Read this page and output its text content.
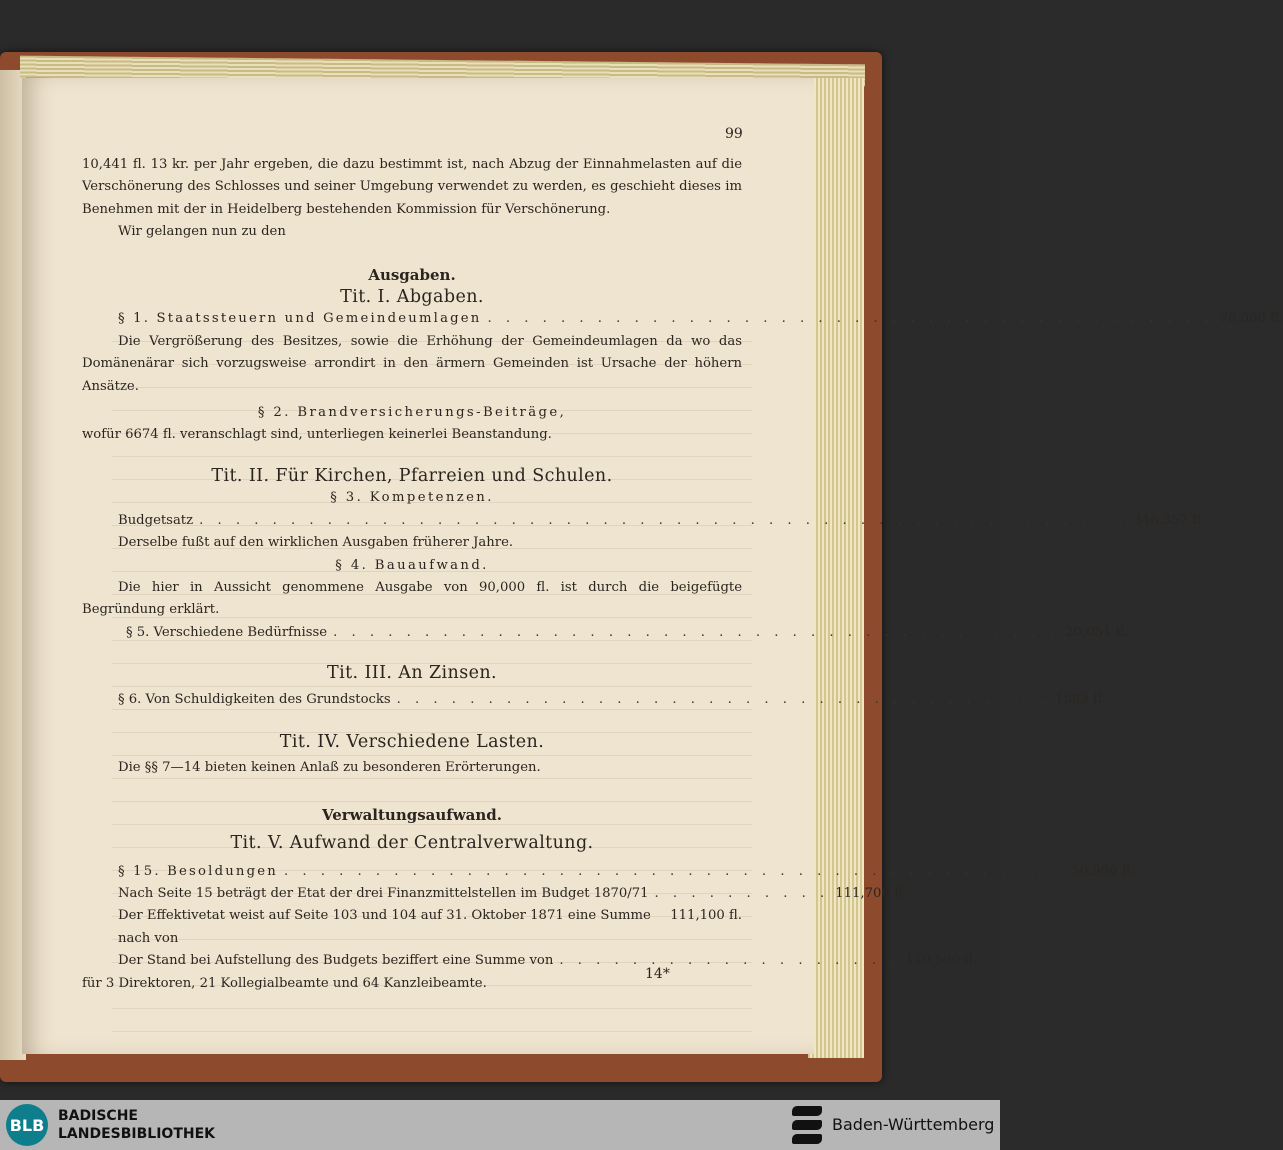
99

10,441 fl. 13 kr. per Jahr ergeben, die dazu bestimmt ist, nach Abzug der Einnahmelasten auf die Verschönerung des Schlosses und seiner Umgebung verwendet zu werden, es geschieht dieses im Benehmen mit der in Heidelberg bestehenden Kommission für Verschönerung.

Wir gelangen nun zu den

Ausgaben.

Tit. I. Abgaben.

§ 1. Staatssteuern und Gemeindeumlagen . . . . . . . . . . . . . . . . . . . . . . . . . . . . . . . . . . . . . . . . 78,000 fl.

Die Vergrößerung des Besitzes, sowie die Erhöhung der Gemeindeumlagen da wo das Domänenärar sich vorzugsweise arrondirt in den ärmern Gemeinden ist Ursache der höhern Ansätze.

§ 2. Brandversicherungs-Beiträge,

wofür 6674 fl. veranschlagt sind, unterliegen keinerlei Beanstandung.

Tit. II. Für Kirchen, Pfarreien und Schulen.

§ 3. Kompetenzen.

Budgetsatz . . . . . . . . . . . . . . . . . . . . . . . . . . . . . . . . . . . . . . . . . . . . . . . . . . . 346,357 fl.

Derselbe fußt auf den wirklichen Ausgaben früherer Jahre.

§ 4. Bauaufwand.

Die hier in Aussicht genommene Ausgabe von 90,000 fl. ist durch die beigefügte Begründung erklärt.

§ 5. Verschiedene Bedürfnisse . . . . . . . . . . . . . . . . . . . . . . . . . . . . . . . . . . . . . . . . 20,051 fl.

Tit. III. An Zinsen.

§ 6. Von Schuldigkeiten des Grundstocks . . . . . . . . . . . . . . . . . . . . . . . . . . . . . . . . . . . . 1583 fl.

Tit. IV. Verschiedene Lasten.

Die §§ 7—14 bieten keinen Anlaß zu besonderen Erörterungen.

Verwaltungsaufwand.

Tit. V. Aufwand der Centralverwaltung.

§ 15. Besoldungen . . . . . . . . . . . . . . . . . . . . . . . . . . . . . . . . . . . . . . . . . . . 50,900 fl.
Nach Seite 15 beträgt der Etat der drei Finanzmittelstellen im Budget 1870/71 . . . . . . . . . . 111,700 fl.
Der Effektivetat weist auf Seite 103 und 104 auf 31. Oktober 1871 eine Summe nach von
111,100 fl.
Der Stand bei Aufstellung des Budgets beziffert eine Summe von . . . . . . . . . . . . . . . . . . . 110,500 fl.

für 3 Direktoren, 21 Kollegialbeamte und 64 Kanzleibeamte.

14*
BLB BADISCHE
LANDESBIBLIOTHEK	Baden-Württemberg
